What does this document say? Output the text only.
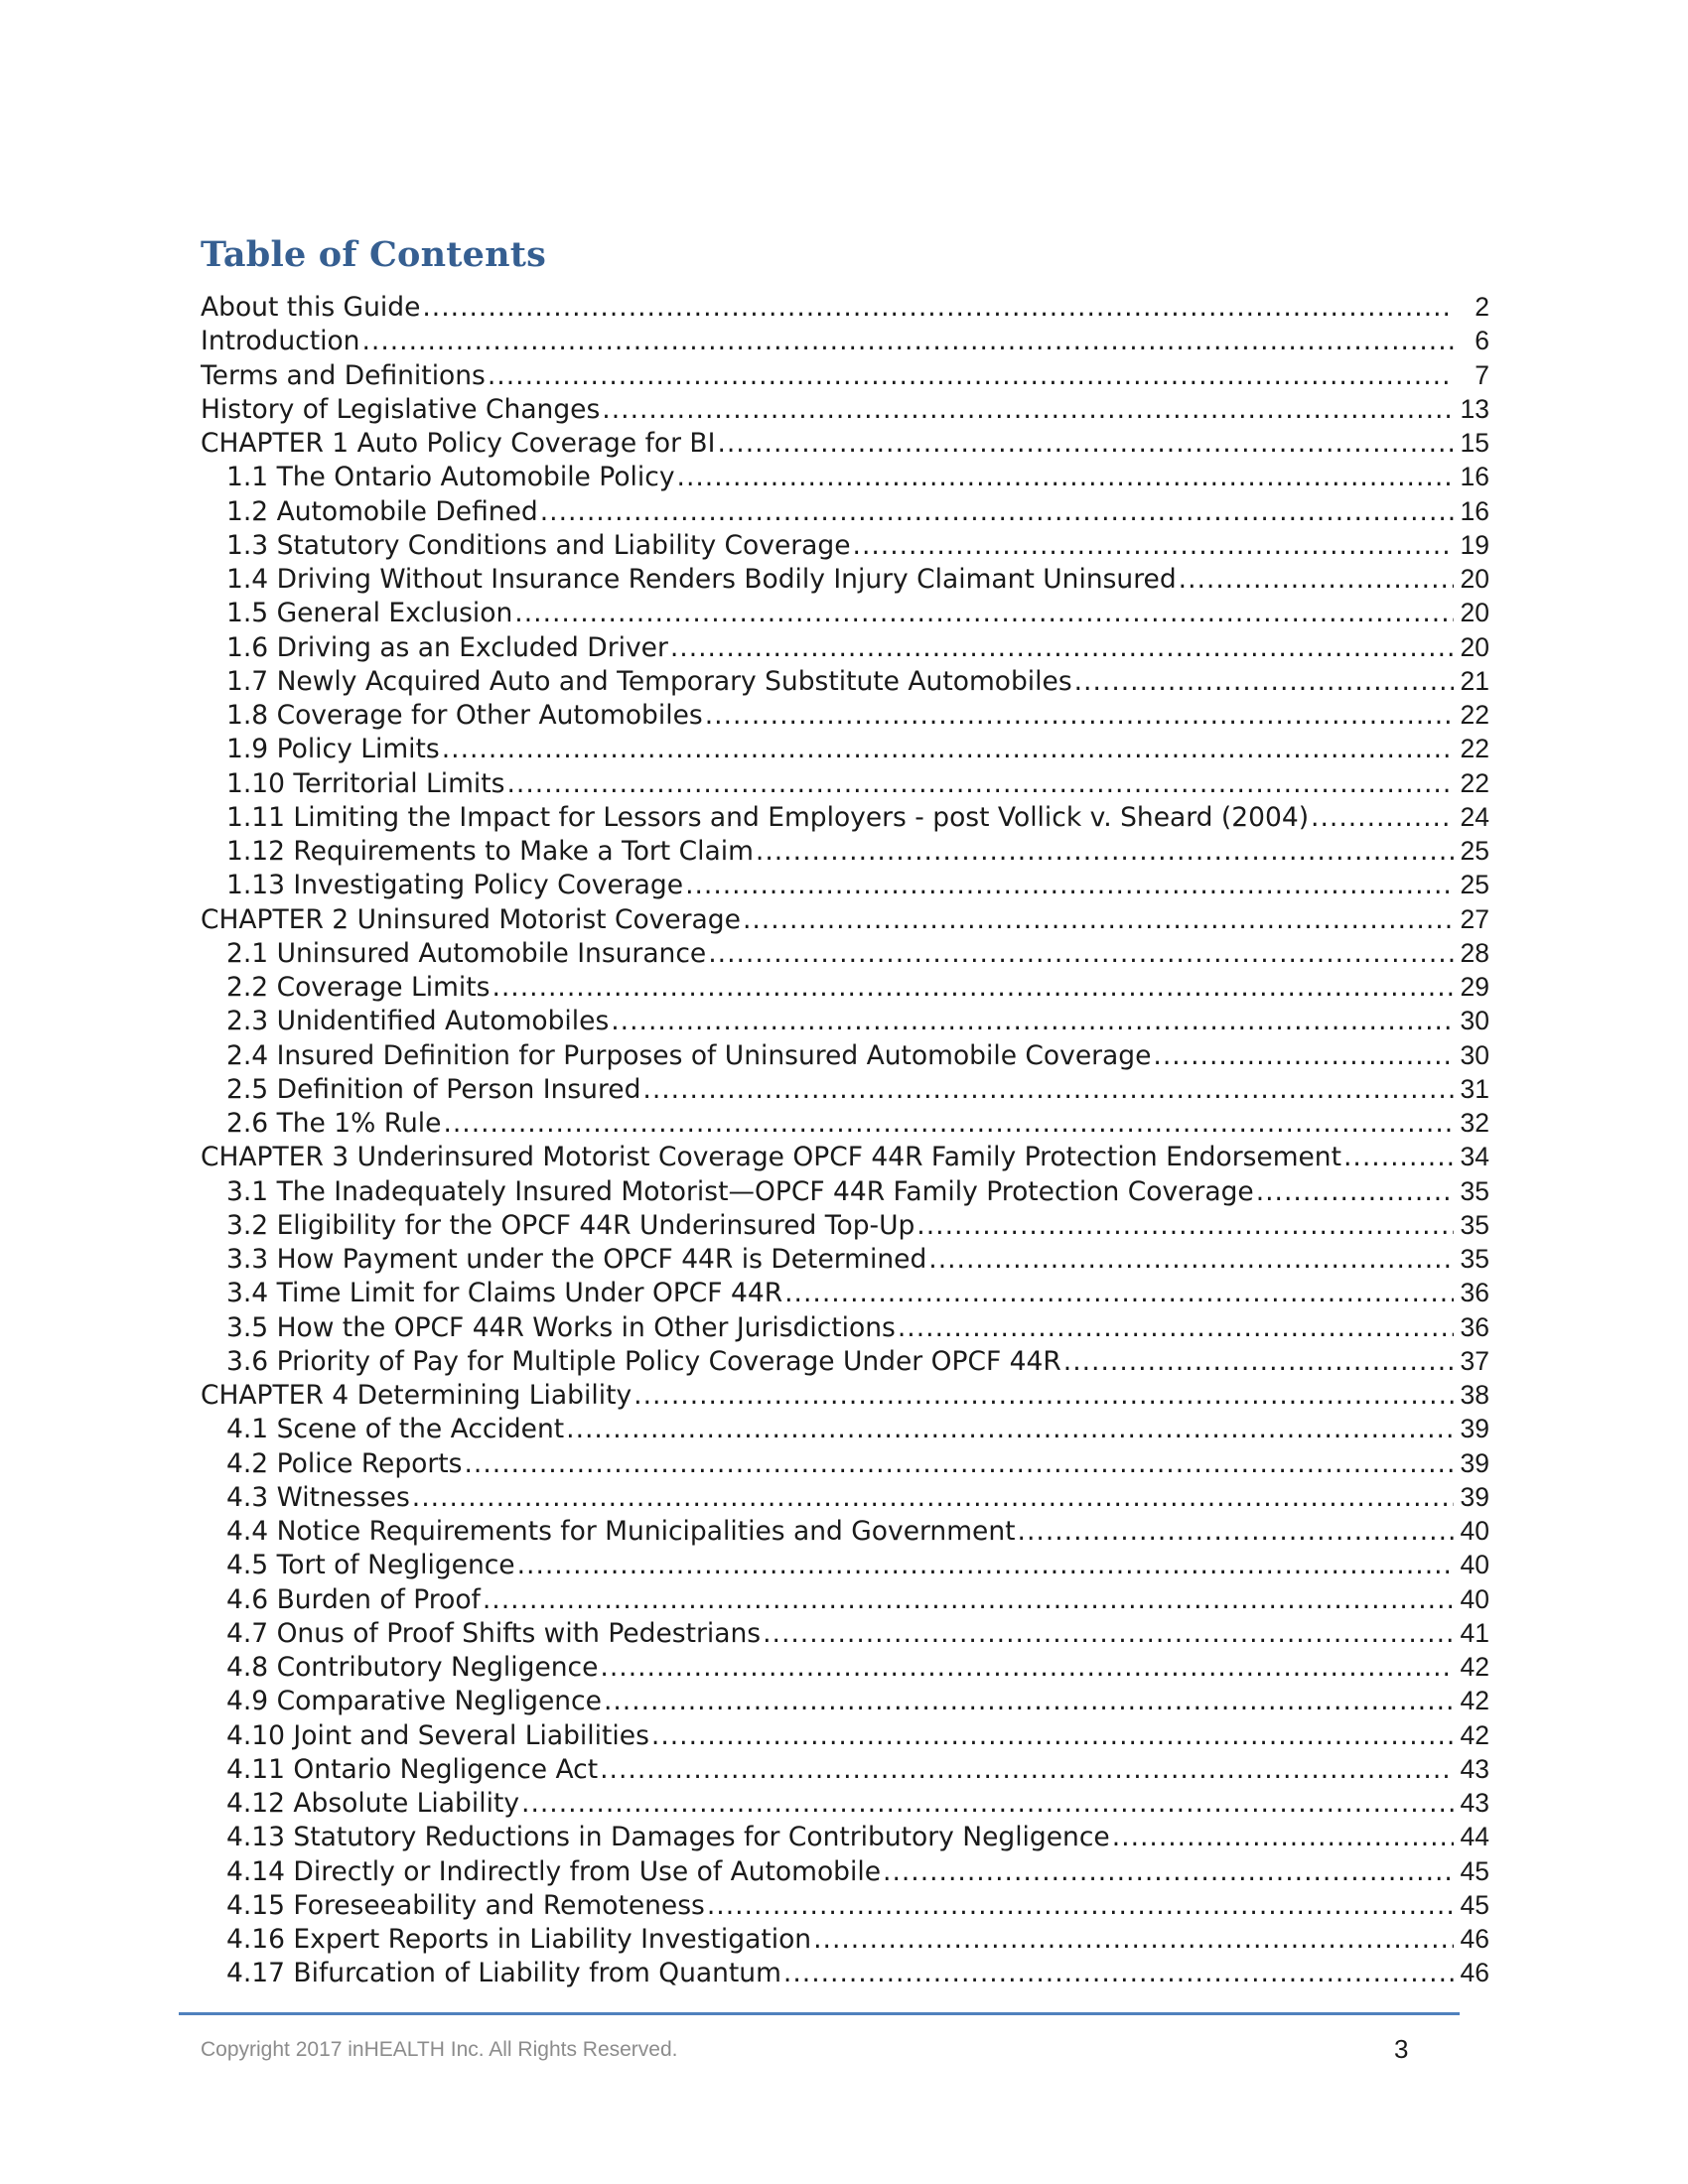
Table of Contents
About this Guide .....	2
Introduction .....	6
Terms and Definitions .....	7
History of Legislative Changes .....	13
CHAPTER 1 Auto Policy Coverage for BI .....	15
1.1 The Ontario Automobile Policy .....	16
1.2 Automobile Defined .....	16
1.3 Statutory Conditions and Liability Coverage .....	19
1.4 Driving Without Insurance Renders Bodily Injury Claimant Uninsured .....	20
1.5 General Exclusion .....	20
1.6 Driving as an Excluded Driver .....	20
1.7 Newly Acquired Auto and Temporary Substitute Automobiles .....	21
1.8 Coverage for Other Automobiles .....	22
1.9 Policy Limits .....	22
1.10 Territorial Limits .....	22
1.11 Limiting the Impact for Lessors and Employers - post Vollick v. Sheard (2004) .....	24
1.12 Requirements to Make a Tort Claim .....	25
1.13 Investigating Policy Coverage .....	25
CHAPTER 2 Uninsured Motorist Coverage .....	27
2.1 Uninsured Automobile Insurance .....	28
2.2 Coverage Limits .....	29
2.3 Unidentified Automobiles .....	30
2.4 Insured Definition for Purposes of Uninsured Automobile Coverage .....	30
2.5 Definition of Person Insured .....	31
2.6 The 1% Rule .....	32
CHAPTER 3 Underinsured Motorist Coverage OPCF 44R Family Protection Endorsement .....	34
3.1 The Inadequately Insured Motorist—OPCF 44R Family Protection Coverage .....	35
3.2 Eligibility for the OPCF 44R Underinsured Top-Up .....	35
3.3 How Payment under the OPCF 44R is Determined .....	35
3.4 Time Limit for Claims Under OPCF 44R .....	36
3.5 How the OPCF 44R Works in Other Jurisdictions .....	36
3.6 Priority of Pay for Multiple Policy Coverage Under OPCF 44R .....	37
CHAPTER 4 Determining Liability .....	38
4.1 Scene of the Accident .....	39
4.2 Police Reports .....	39
4.3 Witnesses .....	39
4.4 Notice Requirements for Municipalities and Government .....	40
4.5 Tort of Negligence .....	40
4.6 Burden of Proof .....	40
4.7 Onus of Proof Shifts with Pedestrians .....	41
4.8 Contributory Negligence .....	42
4.9 Comparative Negligence .....	42
4.10 Joint and Several Liabilities .....	42
4.11 Ontario Negligence Act .....	43
4.12 Absolute Liability .....	43
4.13 Statutory Reductions in Damages for Contributory Negligence .....	44
4.14 Directly or Indirectly from Use of Automobile .....	45
4.15 Foreseeability and Remoteness .....	45
4.16 Expert Reports in Liability Investigation .....	46
4.17 Bifurcation of Liability from Quantum .....	46
Copyright 2017 inHEALTH Inc. All Rights Reserved.	3
